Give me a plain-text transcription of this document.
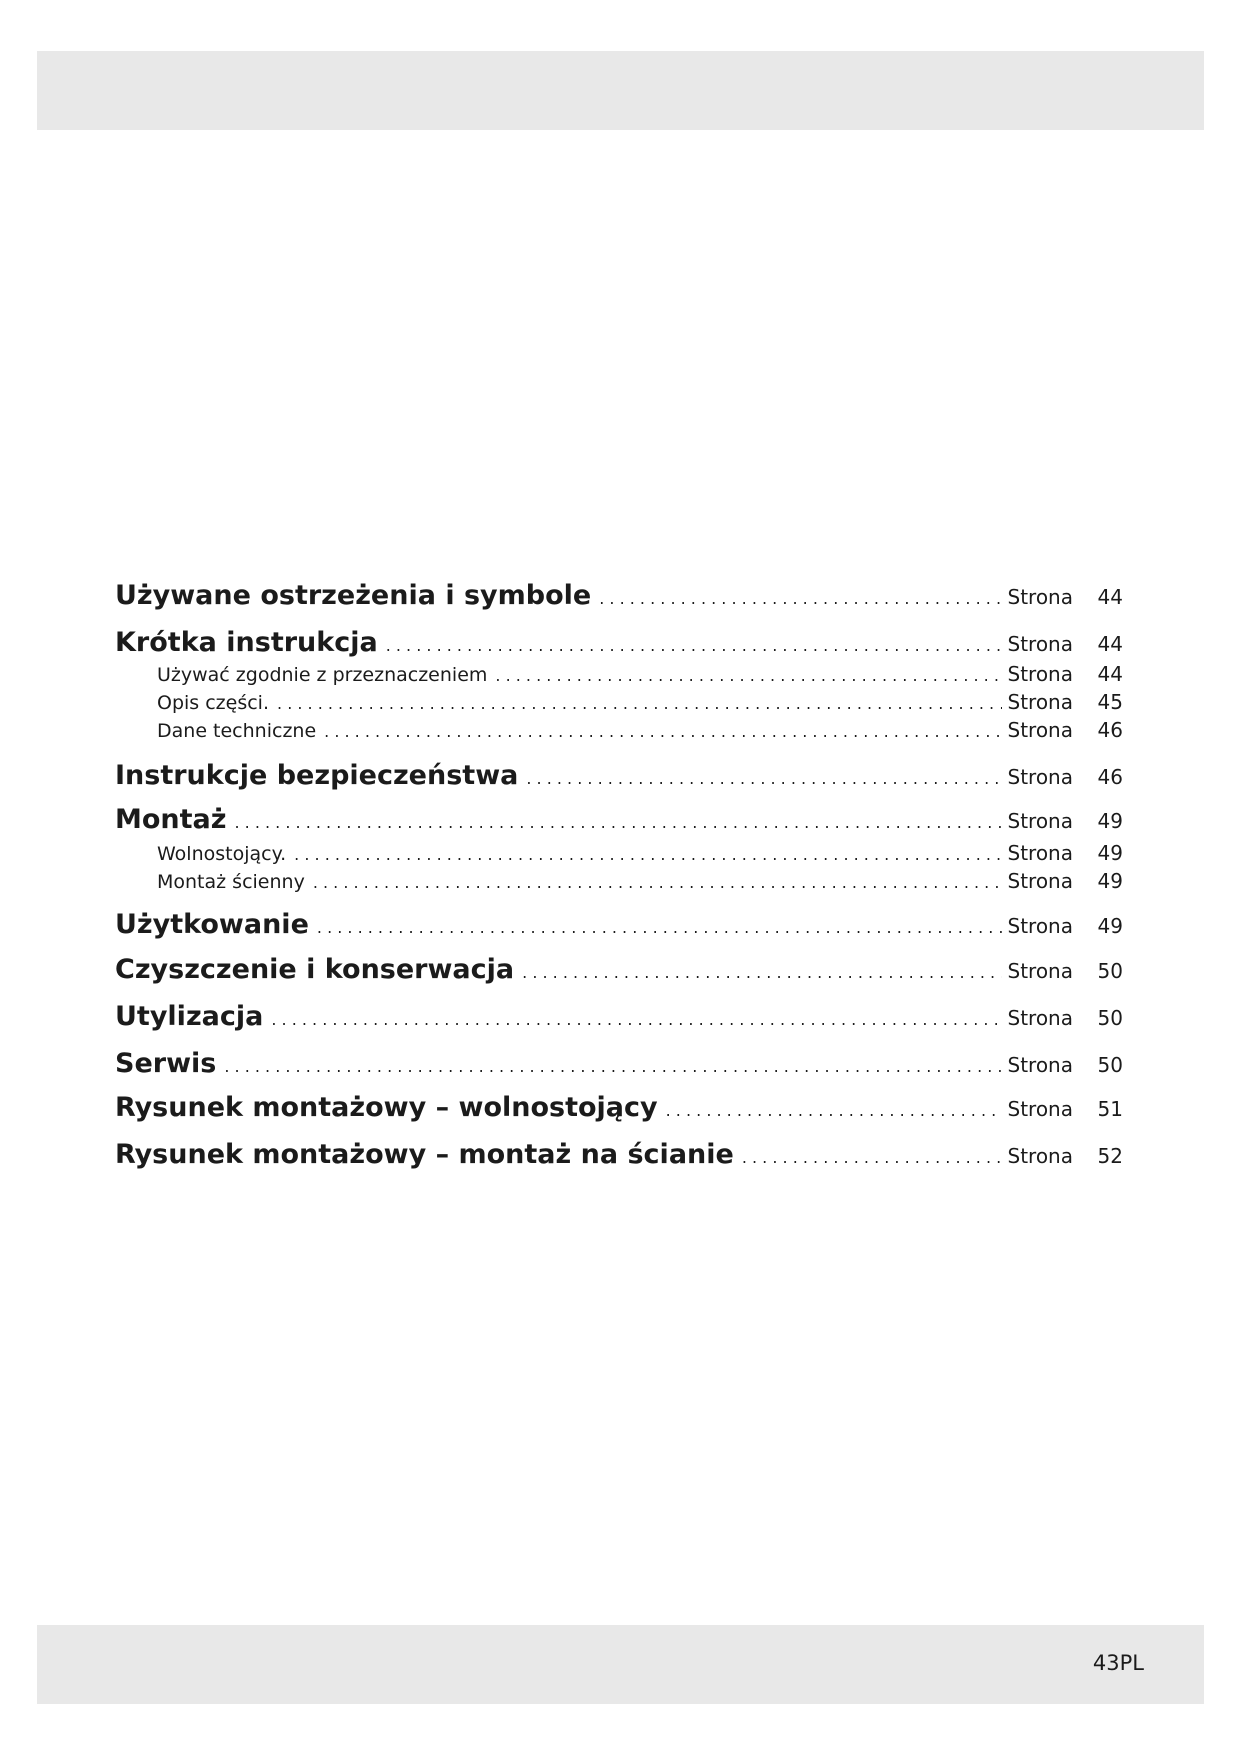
Używane ostrzeżenia i symbole . . .	Strona	44
Krótka instrukcja . . .	Strona	44
Używać zgodnie z przeznaczeniem . . .	Strona	44
Opis części. . . .	Strona	45
Dane techniczne . . .	Strona	46
Instrukcje bezpieczeństwa . . .	Strona	46
Montaż . . .	Strona	49
Wolnostojący. . . .	Strona	49
Montaż ścienny . . .	Strona	49
Użytkowanie . . .	Strona	49
Czyszczenie i konserwacja . . .	Strona	50
Utylizacja . . .	Strona	50
Serwis . . .	Strona	50
Rysunek montażowy – wolnostojący . . .	Strona	51
Rysunek montażowy – montaż na ścianie . . .	Strona	52
43PL
